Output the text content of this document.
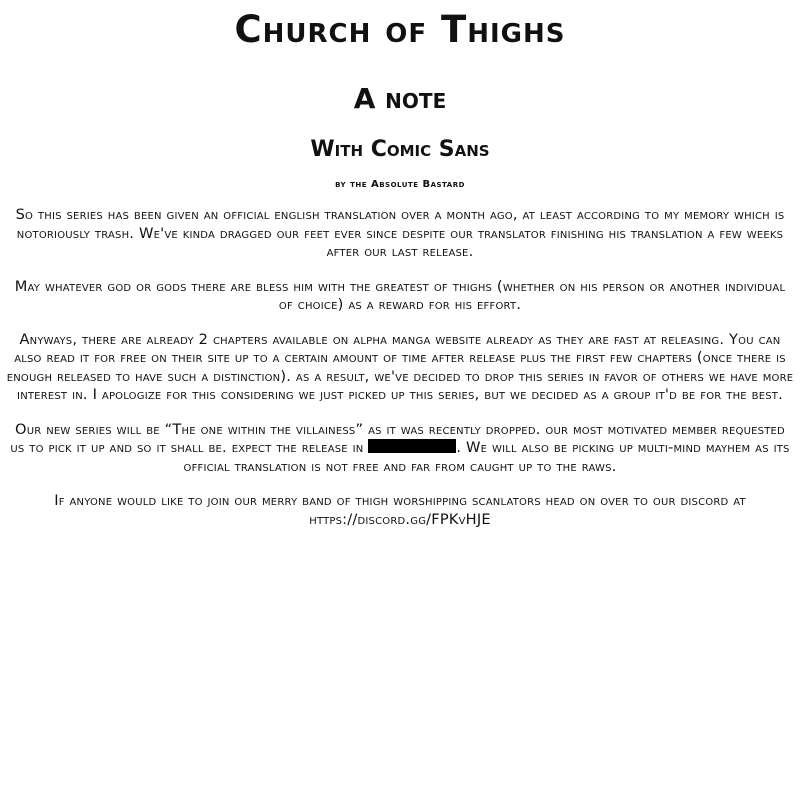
Church of Thighs
A note
With Comic Sans
by the Absolute Bastard

So this series has been given an official english translation over a month ago, at least according to my memory which is notoriously trash. We've kinda dragged our feet ever since despite our translator finishing his translation a few weeks after our last release.

May whatever god or gods there are bless him with the greatest of thighs (whether on his person or another individual of choice) as a reward for his effort.

Anyways, there are already 2 chapters available on alpha manga website already as they are fast at releasing. You can also read it for free on their site up to a certain amount of time after release plus the first few chapters (once there is enough released to have such a distinction). as a result, we've decided to drop this series in favor of others we have more interest in. I apologize for this considering we just picked up this series, but we decided as a group it'd be for the best.

Our new series will be “The one within the villainess” as it was recently dropped. our most motivated member requested us to pick it up and so it shall be. expect the release in	. We will also be picking up multi-mind mayhem as its official translation is not free and far from caught up to the raws.

If anyone would like to join our merry band of thigh worshipping scanlators head on over to our discord at https://discord.gg/FPKvHJE
